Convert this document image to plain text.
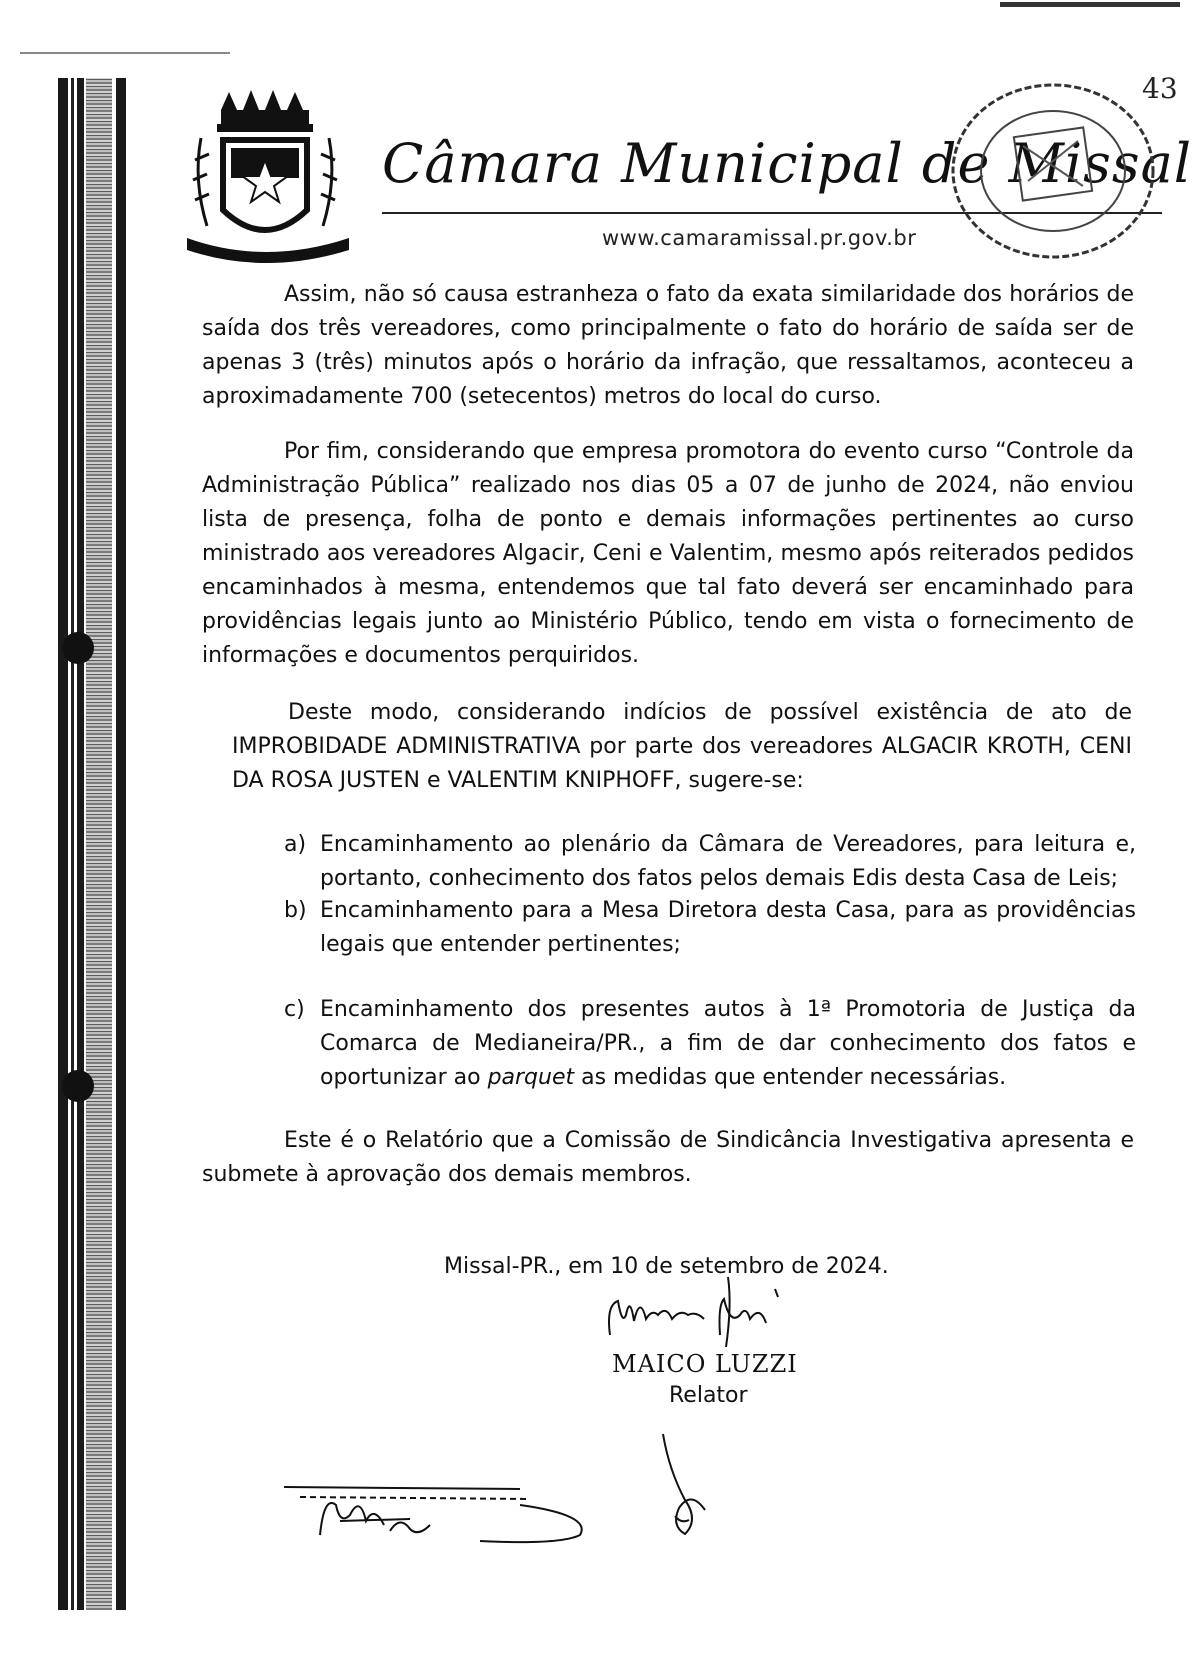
Câmara Municipal de Missal
www.camaramissal.pr.gov.br
43

Assim, não só causa estranheza o fato da exata similaridade dos horários de saída dos três vereadores, como principalmente o fato do horário de saída ser de apenas 3 (três) minutos após o horário da infração, que ressaltamos, aconteceu a aproximadamente 700 (setecentos) metros do local do curso.

Por fim, considerando que empresa promotora do evento curso “Controle da Administração Pública” realizado nos dias 05 a 07 de junho de 2024, não enviou lista de presença, folha de ponto e demais informações pertinentes ao curso ministrado aos vereadores Algacir, Ceni e Valentim, mesmo após reiterados pedidos encaminhados à mesma, entendemos que tal fato deverá ser encaminhado para providências legais junto ao Ministério Público, tendo em vista o fornecimento de informações e documentos perquiridos.

Deste modo, considerando indícios de possível existência de ato de IMPROBIDADE ADMINISTRATIVA por parte dos vereadores ALGACIR KROTH, CENI DA ROSA JUSTEN e VALENTIM KNIPHOFF, sugere-se:

a) Encaminhamento ao plenário da Câmara de Vereadores, para leitura e, portanto, conhecimento dos fatos pelos demais Edis desta Casa de Leis;
b) Encaminhamento para a Mesa Diretora desta Casa, para as providências legais que entender pertinentes;
c) Encaminhamento dos presentes autos à 1ª Promotoria de Justiça da Comarca de Medianeira/PR., a fim de dar conhecimento dos fatos e oportunizar ao parquet as medidas que entender necessárias.

Este é o Relatório que a Comissão de Sindicância Investigativa apresenta e submete à aprovação dos demais membros.

Missal-PR., em 10 de setembro de 2024.
MAICO LUZZI
Relator
